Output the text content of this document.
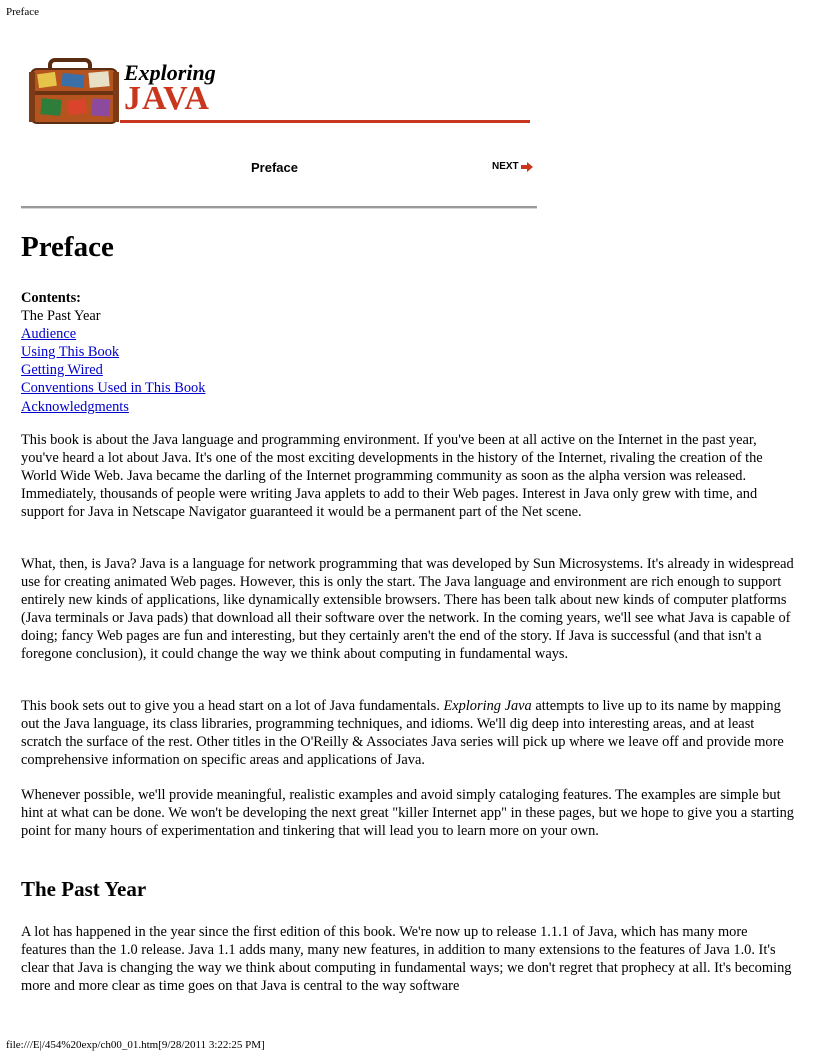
Preface
Exploring
JAVA
Preface	NEXT
Preface
Contents:
The Past Year
Audience
Using This Book
Getting Wired
Conventions Used in This Book
Acknowledgments

This book is about the Java language and programming environment. If you've been at all active on the Internet in the past year, you've heard a lot about Java. It's one of the most exciting developments in the history of the Internet, rivaling the creation of the World Wide Web. Java became the darling of the Internet programming community as soon as the alpha version was released. Immediately, thousands of people were writing Java applets to add to their Web pages. Interest in Java only grew with time, and support for Java in Netscape Navigator guaranteed it would be a permanent part of the Net scene.

What, then, is Java? Java is a language for network programming that was developed by Sun Microsystems. It's already in widespread use for creating animated Web pages. However, this is only the start. The Java language and environment are rich enough to support entirely new kinds of applications, like dynamically extensible browsers. There has been talk about new kinds of computer platforms (Java terminals or Java pads) that download all their software over the network. In the coming years, we'll see what Java is capable of doing; fancy Web pages are fun and interesting, but they certainly aren't the end of the story. If Java is successful (and that isn't a foregone conclusion), it could change the way we think about computing in fundamental ways.

This book sets out to give you a head start on a lot of Java fundamentals. Exploring Java attempts to live up to its name by mapping out the Java language, its class libraries, programming techniques, and idioms. We'll dig deep into interesting areas, and at least scratch the surface of the rest. Other titles in the O'Reilly & Associates Java series will pick up where we leave off and provide more comprehensive information on specific areas and applications of Java.

Whenever possible, we'll provide meaningful, realistic examples and avoid simply cataloging features. The examples are simple but hint at what can be done. We won't be developing the next great "killer Internet app" in these pages, but we hope to give you a starting point for many hours of experimentation and tinkering that will lead you to learn more on your own.

The Past Year

A lot has happened in the year since the first edition of this book. We're now up to release 1.1.1 of Java, which has many more features than the 1.0 release. Java 1.1 adds many, many new features, in addition to many extensions to the features of Java 1.0. It's clear that Java is changing the way we think about computing in fundamental ways; we don't regret that prophecy at all. It's becoming more and more clear as time goes on that Java is central to the way software

file:///E|/454%20exp/ch00_01.htm[9/28/2011 3:22:25 PM]
